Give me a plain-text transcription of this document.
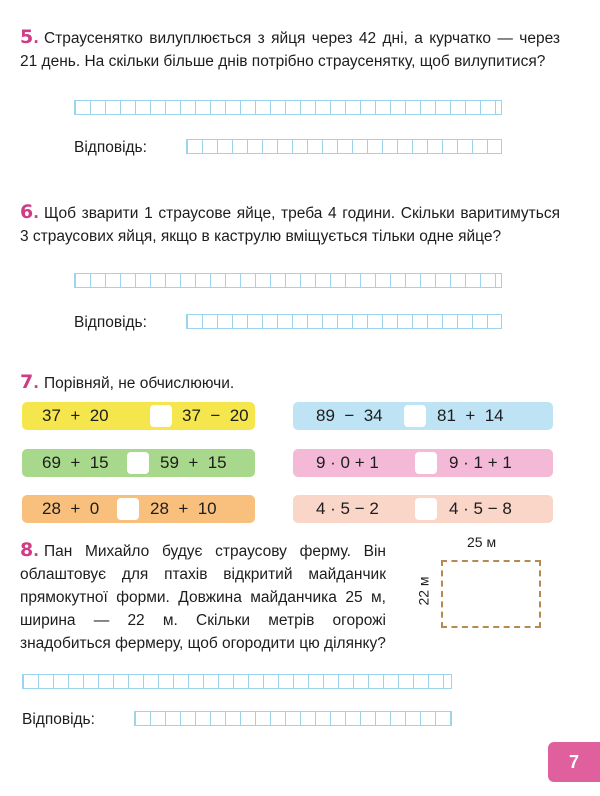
5. Страусенятко вилуплюється з яйця через 42 дні, а курчатко — через 21 день. На скільки більше днів потрібно страусенятку, щоб вилупитися?
Відповідь:
6. Щоб зварити 1 страусове яйце, треба 4 години. Скільки варитимуться 3 страусових яйця, якщо в каструлю вміщується тільки одне яйце?
Відповідь:
7. Порівняй, не обчислюючи.
37  +  20	37  −  20
69  +  15	59  +  15
28  +  0	28  +  10
89  −  34	81  +  14
9 · 0 + 1	9 · 1 + 1
4 · 5 − 2	4 · 5 − 8
8. Пан Михайло будує страусову ферму. Він облаштовує для птахів відкритий майданчик прямокутної форми. Довжина майданчика 25 м, ширина — 22 м. Скільки метрів огорожі знадобиться фермеру, щоб огородити цю ділянку?
25 м
22 м
Відповідь:
7
